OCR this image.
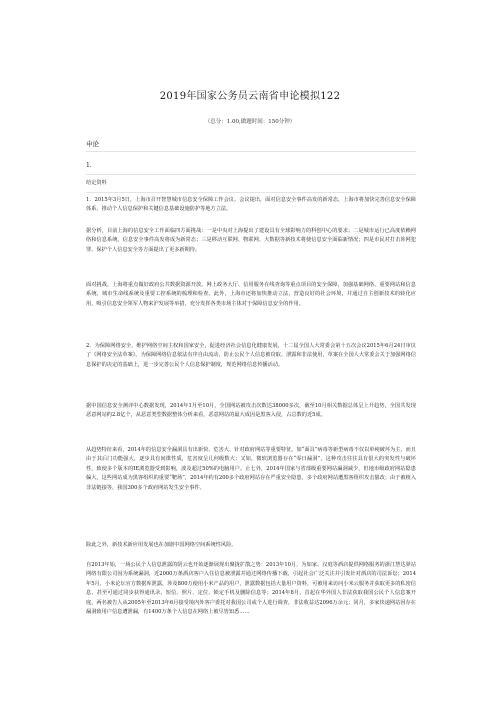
2019年国家公务员云南省申论模拟122
（总分：1.00,做题时间：150分钟）
申论
1.
给定资料
1．2015年3月5日，上海市召开智慧城市信息安全保障工作会议。会议提出，面对信息安全事件高发的新常态，上海市将加快完善信息安全保障体系，推动个人信息保护和关键信息基础设施防护等地方立法。
据分析，目前上海的信息安全工作面临四方面挑战：一是中央对上海提出了建设具有全球影响力的科创中心的要求；二是城市运行已高度依赖网络和信息系统，信息安全事件高发将成为新常态；三是移动互联网、物联网、大数据等新技术将使信息安全面临新情况；四是市民对打击涉网犯罪、保护个人信息安全等方面提出了更多新期待。
面对挑战，上海将重点做好政府公共数据资源开放、网上政务大厅、信用服务在线查询等重点项目的安全保障，加强基础网络、重要网站和信息系统、城市生命线系统及重要工控系统的梳理和检查。此外，上海市还将加快推动立法，营造良好的社会环境，并通过自主创新技术的转化应用，吸引信息安全领军人物来沪发展等举措，充分发挥各类市场主体对于保障信息安全的作用。
2．为保障网络安全，维护网络空间主权和国家安全，促进经济社会信息化健康发展，十二届全国人大常委会第十五次会议2015年6月24日审议了《网络安全法草案》。为保障网络信息依法有序自由流动，防止公民个人信息被窃取、泄露和非法使用，草案在全国人大常委会关于加强网络信息保护的决定的基础上，进一步完善公民个人信息保护制度，规范网络信息传播活动。
据中国信息安全测评中心数据发现，2014年1月至10月，全国网站被攻击次数达38000多次，截至10月相关数据总体呈上升趋势，全国共发现恶意网站约2.8亿个，从恶意类型数据整体分析来看，恶意网站的最大成因是黑客入侵，占总数的近5成。
从趋势特征来看，2014年的信息安全漏洞具有出新快、危害大、针对政府网站等重要特征。如“面具”病毒等新型病毒不仅以单纯破坏为主，而且由于其后门功能强大，逐步具有间谍性质，危害度呈几何级数大；又如，微软浏览器存在“零日漏洞”，这种攻击往往具有很大的突发性与破坏性，致使多个版本的IE浏览器受到影响，波及超过50%的电脑用户。止七外，2014年国家与省部级重要网站漏洞减少，但地市级政府网站隐患偏大，这些网站成为黑客组织的重要“靶场”，2014年约有200多个政府网站存在严重安全隐患，多个政府网站遭黑客组织攻击篡改；由于被植入非法链接等，我国300多个政府网站发生安全事件。
除此之外，新技术新应用发展也在加剧中国网络空间系统性风险。
自2013年始，一场公民个人信息泄露的阴云也开始逐渐展现出聚拢扩散之势：2013年10月，为如家、汉庭等酒店提供网络服务的浙江慧达驿站网络有限公司因为系统漏洞，近2000万条酒店客户入住信息被泄露并通过网络传播下载，引起社会广泛关注并引发针对酒店的司法诉讼；2014年5月，小米论坛官方数据库泄露，涉及800万使用小米产品的用户，泄露数据包括大量用户资料，可被用来访问小米云服务并获取更多的私密信息，甚至可通过同步获得通讯录、短信、照片、定位、锁定手机及删除信息等；2014年8月，首起在华外国人非法获取我国公民个人信息案开庭，两名被告人从2005年至2013年6月接受境内外客户委托对我国公司或个人进行调查，非法收益达2096万余元；同月，多家快递网站因存在漏洞致用户信息遭泄漏，有1400万条个人信息在网络上被尽皆知悉……
